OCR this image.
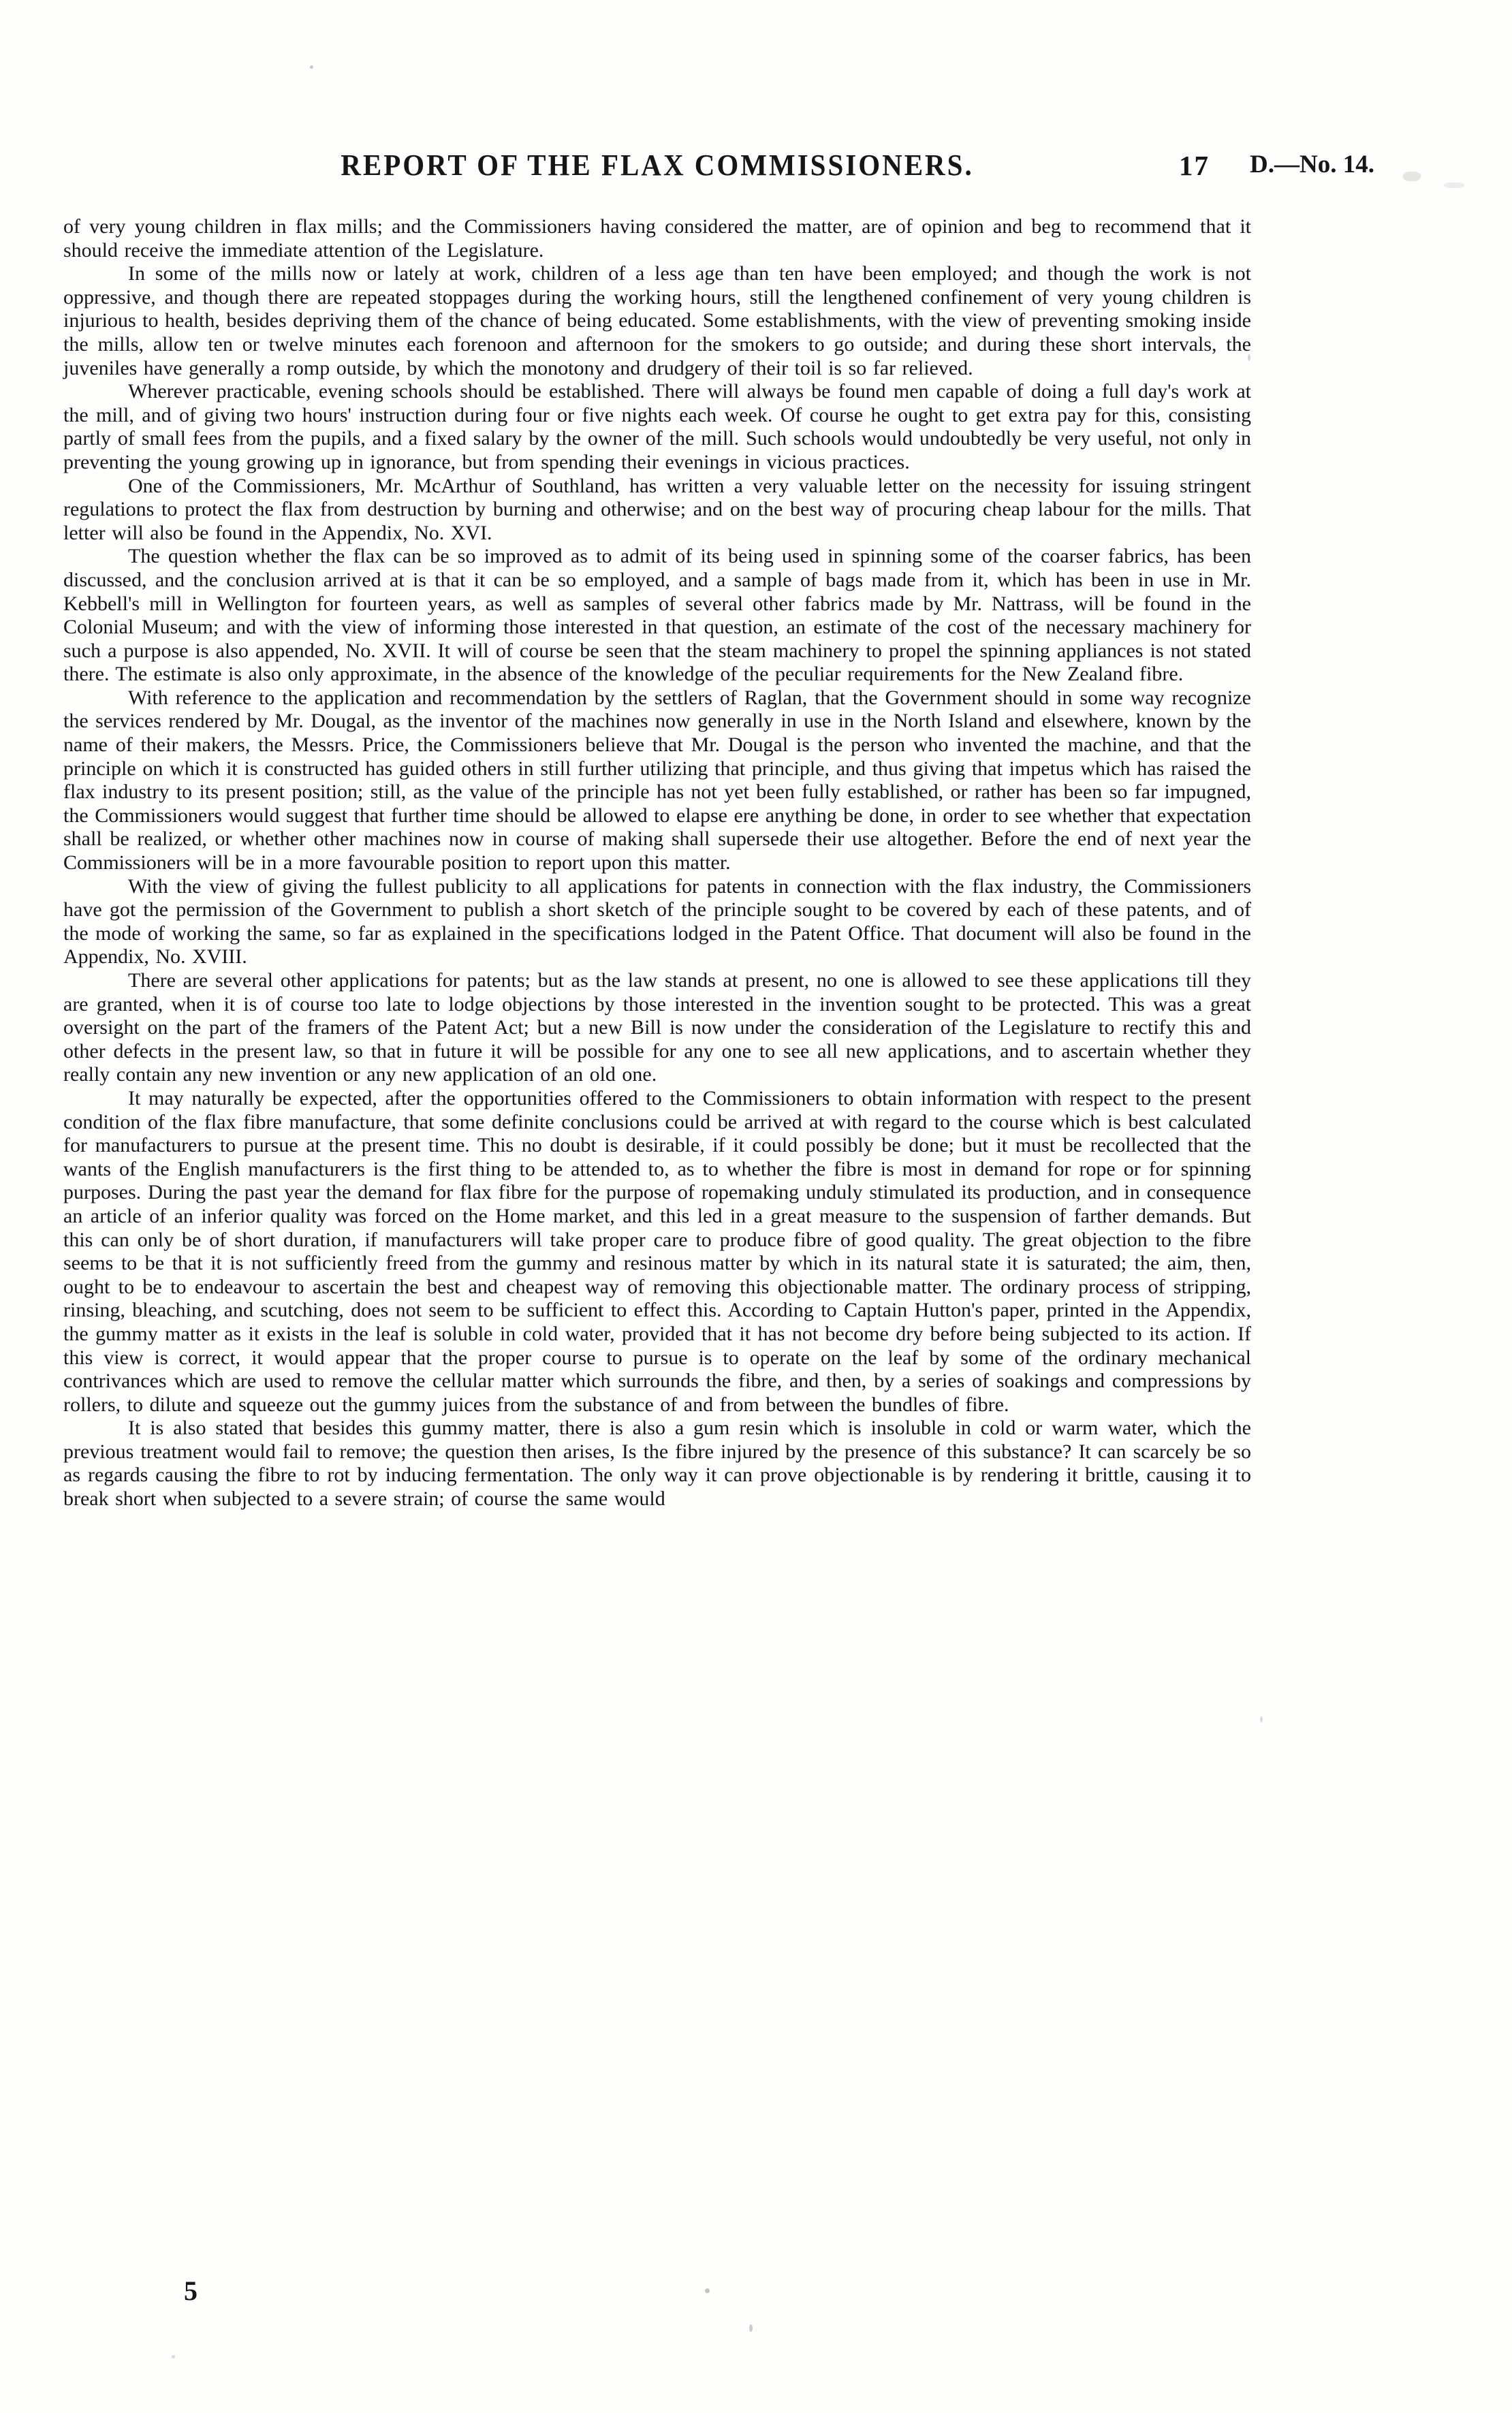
REPORT OF THE FLAX COMMISSIONERS.	17 D.—No. 14.

of very young children in flax mills; and the Commissioners having considered the matter, are of opinion and beg to recommend that it should receive the immediate attention of the Legislature.

In some of the mills now or lately at work, children of a less age than ten have been employed; and though the work is not oppressive, and though there are repeated stoppages during the working hours, still the lengthened confinement of very young children is injurious to health, besides depriving them of the chance of being educated. Some establishments, with the view of preventing smoking inside the mills, allow ten or twelve minutes each forenoon and afternoon for the smokers to go outside; and during these short intervals, the juveniles have generally a romp outside, by which the monotony and drudgery of their toil is so far relieved.

Wherever practicable, evening schools should be established. There will always be found men capable of doing a full day's work at the mill, and of giving two hours' instruction during four or five nights each week. Of course he ought to get extra pay for this, consisting partly of small fees from the pupils, and a fixed salary by the owner of the mill. Such schools would undoubtedly be very useful, not only in preventing the young growing up in ignorance, but from spending their evenings in vicious practices.

One of the Commissioners, Mr. McArthur of Southland, has written a very valuable letter on the necessity for issuing stringent regulations to protect the flax from destruction by burning and otherwise; and on the best way of procuring cheap labour for the mills. That letter will also be found in the Appendix, No. XVI.

The question whether the flax can be so improved as to admit of its being used in spinning some of the coarser fabrics, has been discussed, and the conclusion arrived at is that it can be so employed, and a sample of bags made from it, which has been in use in Mr. Kebbell's mill in Wellington for fourteen years, as well as samples of several other fabrics made by Mr. Nattrass, will be found in the Colonial Museum; and with the view of informing those interested in that question, an estimate of the cost of the necessary machinery for such a purpose is also appended, No. XVII. It will of course be seen that the steam machinery to propel the spinning appliances is not stated there. The estimate is also only approximate, in the absence of the knowledge of the peculiar requirements for the New Zealand fibre.

With reference to the application and recommendation by the settlers of Raglan, that the Government should in some way recognize the services rendered by Mr. Dougal, as the inventor of the machines now generally in use in the North Island and elsewhere, known by the name of their makers, the Messrs. Price, the Commissioners believe that Mr. Dougal is the person who invented the machine, and that the principle on which it is constructed has guided others in still further utilizing that principle, and thus giving that impetus which has raised the flax industry to its present position; still, as the value of the principle has not yet been fully established, or rather has been so far impugned, the Commissioners would suggest that further time should be allowed to elapse ere anything be done, in order to see whether that expectation shall be realized, or whether other machines now in course of making shall supersede their use altogether. Before the end of next year the Commissioners will be in a more favourable position to report upon this matter.

With the view of giving the fullest publicity to all applications for patents in connection with the flax industry, the Commissioners have got the permission of the Government to publish a short sketch of the principle sought to be covered by each of these patents, and of the mode of working the same, so far as explained in the specifications lodged in the Patent Office. That document will also be found in the Appendix, No. XVIII.

There are several other applications for patents; but as the law stands at present, no one is allowed to see these applications till they are granted, when it is of course too late to lodge objections by those interested in the invention sought to be protected. This was a great oversight on the part of the framers of the Patent Act; but a new Bill is now under the consideration of the Legislature to rectify this and other defects in the present law, so that in future it will be possible for any one to see all new applications, and to ascertain whether they really contain any new invention or any new application of an old one.

It may naturally be expected, after the opportunities offered to the Commissioners to obtain information with respect to the present condition of the flax fibre manufacture, that some definite conclusions could be arrived at with regard to the course which is best calculated for manufacturers to pursue at the present time. This no doubt is desirable, if it could possibly be done; but it must be recollected that the wants of the English manufacturers is the first thing to be attended to, as to whether the fibre is most in demand for rope or for spinning purposes. During the past year the demand for flax fibre for the purpose of ropemaking unduly stimulated its production, and in consequence an article of an inferior quality was forced on the Home market, and this led in a great measure to the suspension of farther demands. But this can only be of short duration, if manufacturers will take proper care to produce fibre of good quality. The great objection to the fibre seems to be that it is not sufficiently freed from the gummy and resinous matter by which in its natural state it is saturated; the aim, then, ought to be to endeavour to ascertain the best and cheapest way of removing this objectionable matter. The ordinary process of stripping, rinsing, bleaching, and scutching, does not seem to be sufficient to effect this. According to Captain Hutton's paper, printed in the Appendix, the gummy matter as it exists in the leaf is soluble in cold water, provided that it has not become dry before being subjected to its action. If this view is correct, it would appear that the proper course to pursue is to operate on the leaf by some of the ordinary mechanical contrivances which are used to remove the cellular matter which surrounds the fibre, and then, by a series of soakings and compressions by rollers, to dilute and squeeze out the gummy juices from the substance of and from between the bundles of fibre.

It is also stated that besides this gummy matter, there is also a gum resin which is insoluble in cold or warm water, which the previous treatment would fail to remove; the question then arises, Is the fibre injured by the presence of this substance? It can scarcely be so as regards causing the fibre to rot by inducing fermentation. The only way it can prove objectionable is by rendering it brittle, causing it to break short when subjected to a severe strain; of course the same would

5
